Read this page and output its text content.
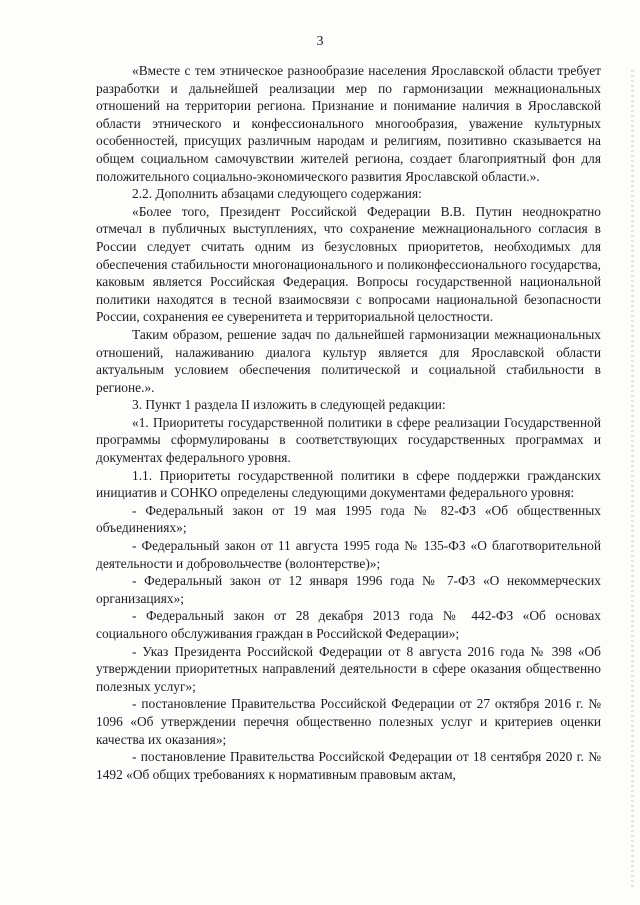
3

«Вместе с тем этническое разнообразие населения Ярославской области требует разработки и дальнейшей реализации мер по гармонизации межнациональных отношений на территории региона. Признание и понимание наличия в Ярославской области этнического и конфессионального многообразия, уважение культурных особенностей, присущих различным народам и религиям, позитивно сказывается на общем социальном самочувствии жителей региона, создает благоприятный фон для положительного социально-экономического развития Ярославской области.».

2.2. Дополнить абзацами следующего содержания:

«Более того, Президент Российской Федерации В.В. Путин неоднократно отмечал в публичных выступлениях, что сохранение межнационального согласия в России следует считать одним из безусловных приоритетов, необходимых для обеспечения стабильности многонационального и поликонфессионального государства, каковым является Российская Федерация. Вопросы государственной национальной политики находятся в тесной взаимосвязи с вопросами национальной безопасности России, сохранения ее суверенитета и территориальной целостности.

Таким образом, решение задач по дальнейшей гармонизации межнациональных отношений, налаживанию диалога культур является для Ярославской области актуальным условием обеспечения политической и социальной стабильности в регионе.».

3. Пункт 1 раздела II изложить в следующей редакции:

«1. Приоритеты государственной политики в сфере реализации Государственной программы сформулированы в соответствующих государственных программах и документах федерального уровня.

1.1. Приоритеты государственной политики в сфере поддержки гражданских инициатив и СОНКО определены следующими документами федерального уровня:

- Федеральный закон от 19 мая 1995 года № 82-ФЗ «Об общественных объединениях»;

- Федеральный закон от 11 августа 1995 года № 135-ФЗ «О благотворительной деятельности и добровольчестве (волонтерстве)»;

- Федеральный закон от 12 января 1996 года № 7-ФЗ «О некоммерческих организациях»;

- Федеральный закон от 28 декабря 2013 года № 442-ФЗ «Об основах социального обслуживания граждан в Российской Федерации»;

- Указ Президента Российской Федерации от 8 августа 2016 года № 398 «Об утверждении приоритетных направлений деятельности в сфере оказания общественно полезных услуг»;

- постановление Правительства Российской Федерации от 27 октября 2016 г. № 1096 «Об утверждении перечня общественно полезных услуг и критериев оценки качества их оказания»;

- постановление Правительства Российской Федерации от 18 сентября 2020 г. № 1492 «Об общих требованиях к нормативным правовым актам,
